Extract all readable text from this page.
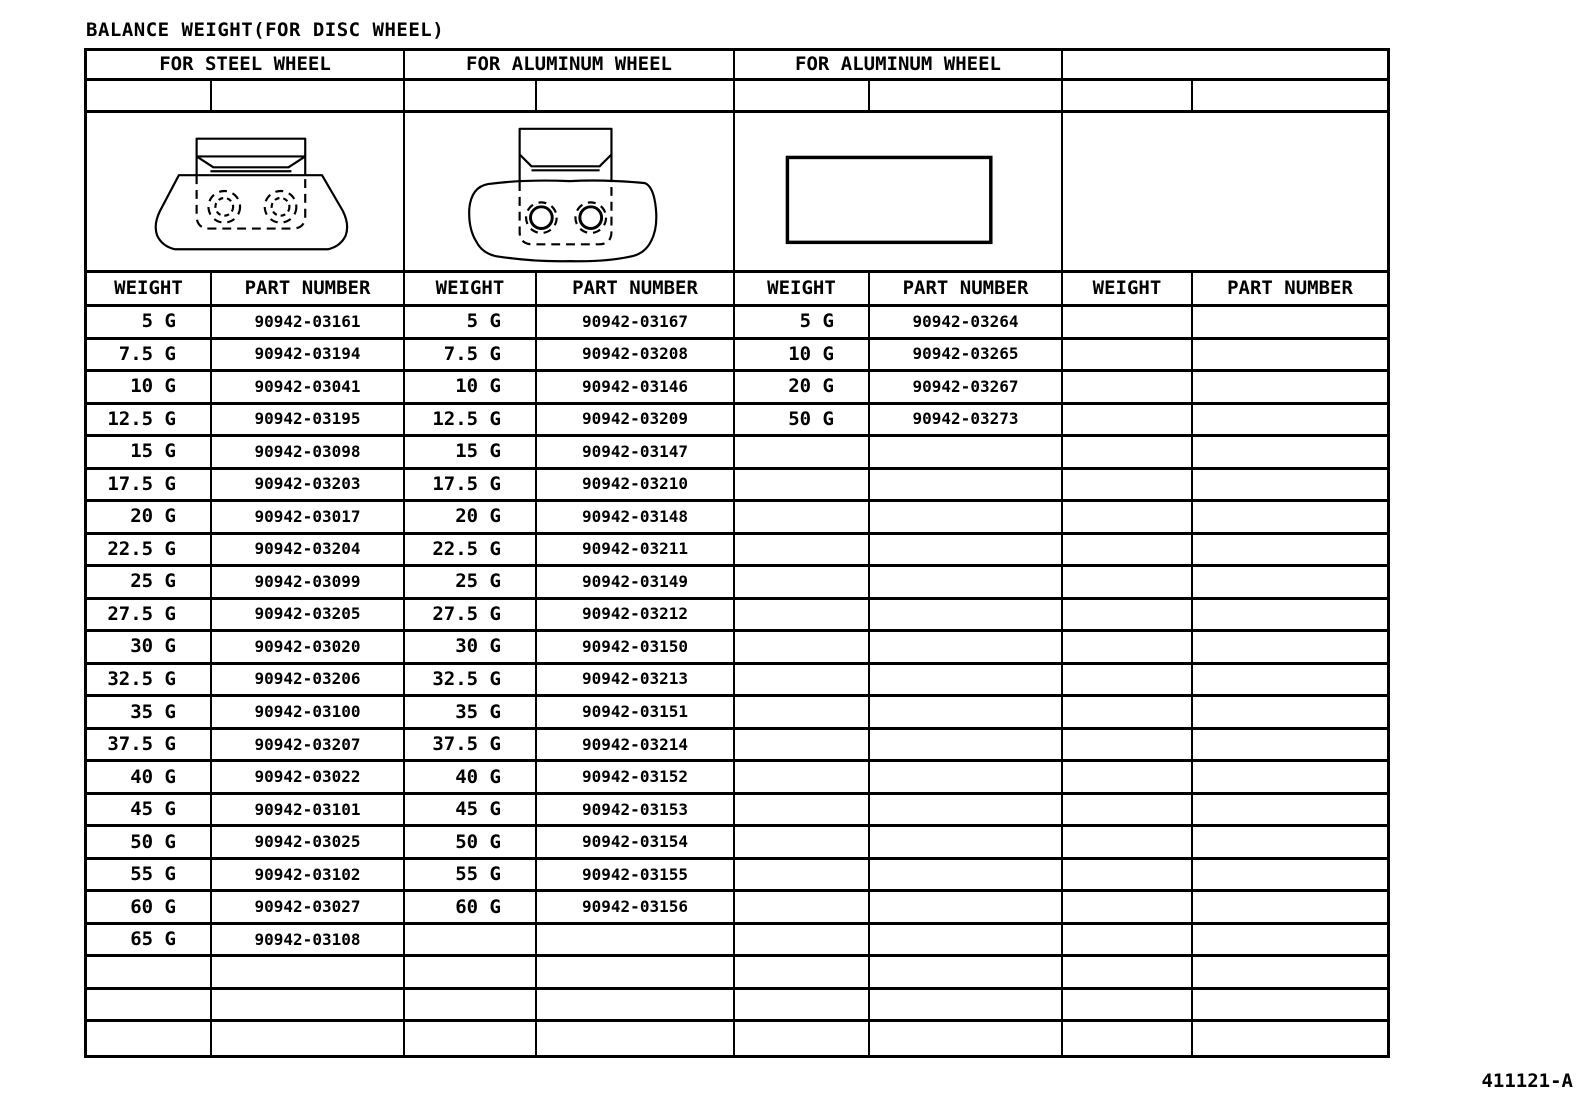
BALANCE WEIGHT(FOR DISC WHEEL)
FOR STEEL WHEEL	FOR ALUMINUM WHEEL	FOR ALUMINUM WHEEL
WEIGHT	PART NUMBER	WEIGHT	PART NUMBER	WEIGHT	PART NUMBER	WEIGHT	PART NUMBER
5 G	90942-03161	5 G	90942-03167	5 G	90942-03264
7.5 G	90942-03194	7.5 G	90942-03208	10 G	90942-03265
10 G	90942-03041	10 G	90942-03146	20 G	90942-03267
12.5 G	90942-03195	12.5 G	90942-03209	50 G	90942-03273
15 G	90942-03098	15 G	90942-03147
17.5 G	90942-03203	17.5 G	90942-03210
20 G	90942-03017	20 G	90942-03148
22.5 G	90942-03204	22.5 G	90942-03211
25 G	90942-03099	25 G	90942-03149
27.5 G	90942-03205	27.5 G	90942-03212
30 G	90942-03020	30 G	90942-03150
32.5 G	90942-03206	32.5 G	90942-03213
35 G	90942-03100	35 G	90942-03151
37.5 G	90942-03207	37.5 G	90942-03214
40 G	90942-03022	40 G	90942-03152
45 G	90942-03101	45 G	90942-03153
50 G	90942-03025	50 G	90942-03154
55 G	90942-03102	55 G	90942-03155
60 G	90942-03027	60 G	90942-03156
65 G	90942-03108
411121-A
